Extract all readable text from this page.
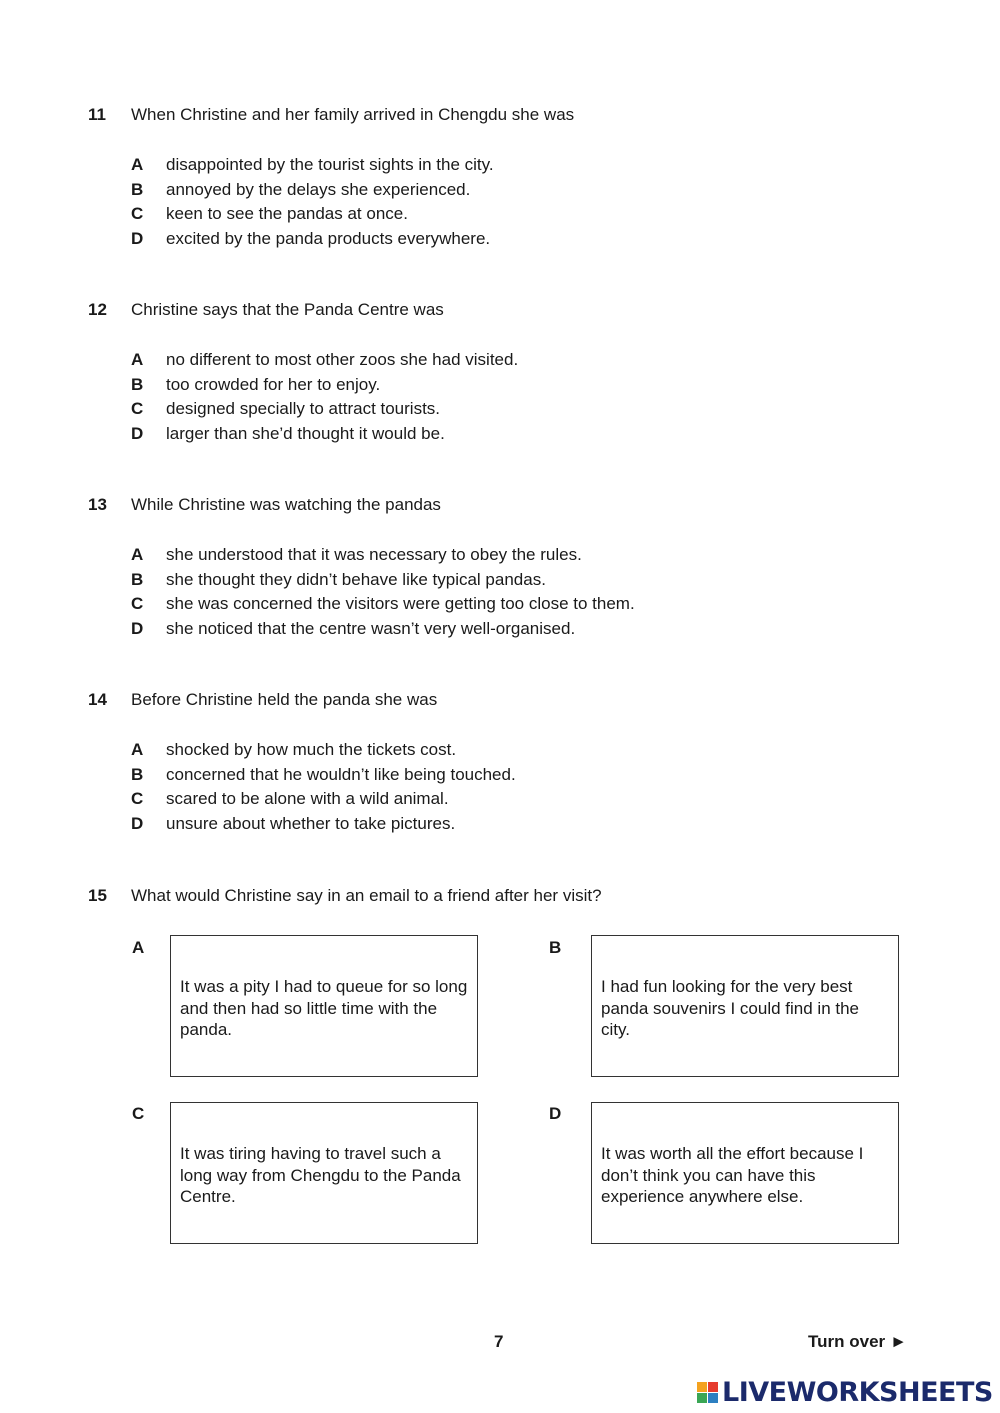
11	When Christine and her family arrived in Chengdu she was
A	disappointed by the tourist sights in the city.
B	annoyed by the delays she experienced.
C	keen to see the pandas at once.
D	excited by the panda products everywhere.
12	Christine says that the Panda Centre was
A	no different to most other zoos she had visited.
B	too crowded for her to enjoy.
C	designed specially to attract tourists.
D	larger than she’d thought it would be.
13	While Christine was watching the pandas
A	she understood that it was necessary to obey the rules.
B	she thought they didn’t behave like typical pandas.
C	she was concerned the visitors were getting too close to them.
D	she noticed that the centre wasn’t very well-organised.
14	Before Christine held the panda she was
A	shocked by how much the tickets cost.
B	concerned that he wouldn’t like being touched.
C	scared to be alone with a wild animal.
D	unsure about whether to take pictures.
15	What would Christine say in an email to a friend after her visit?
A
It was a pity I had to queue for so long and then had so little time with the panda.
B
I had fun looking for the very best panda souvenirs I could find in the city.
C
It was tiring having to travel such a long way from Chengdu to the Panda Centre.
D
It was worth all the effort because I don’t think you can have this experience anywhere else.
7	Turn over ►
LIVEWORKSHEETS
